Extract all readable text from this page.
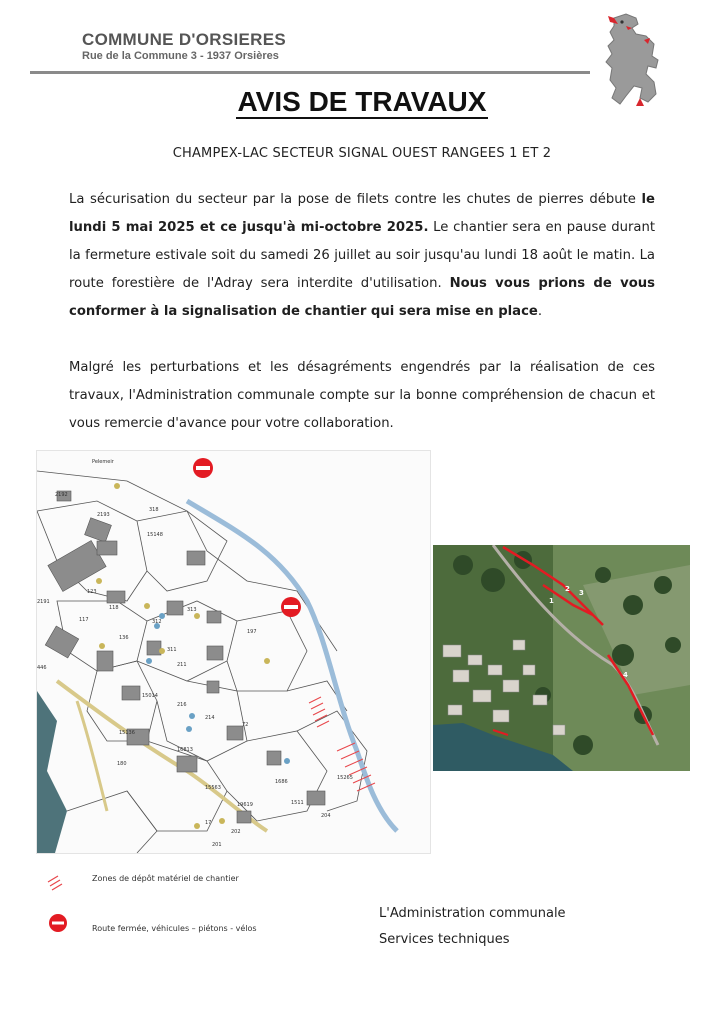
COMMUNE D'ORSIERES
Rue de la Commune 3 - 1937 Orsières
AVIS DE TRAVAUX
CHAMPEX-LAC SECTEUR SIGNAL OUEST RANGEES 1 ET 2
La sécurisation du secteur par la pose de filets contre les chutes de pierres débute le lundi 5 mai 2025 et ce jusqu'à mi-octobre 2025. Le chantier sera en pause durant la fermeture estivale soit du samedi 26 juillet au soir jusqu'au lundi 18 août le matin. La route forestière de l'Adray sera interdite d'utilisation. Nous vous prions de vous conformer à la signalisation de chantier qui sera mise en place.
Malgré les perturbations et les désagréments engendrés par la réalisation de ces travaux, l'Administration communale compte sur la bonne compréhension de chacun et vous remercie d'avance pour votre collaboration.
Pelemeir
2192
2193
318
15148
2191
123
118
117
136
312
313
197
311
211
446
15014
216
214
72
15136
180
16813
15563
1686
19619	1511
15265
17
202
204
201
1
2 3
4
Zones de dépôt matériel de chantier
Route fermée, véhicules – piétons - vélos
L'Administration communale
Services techniques
